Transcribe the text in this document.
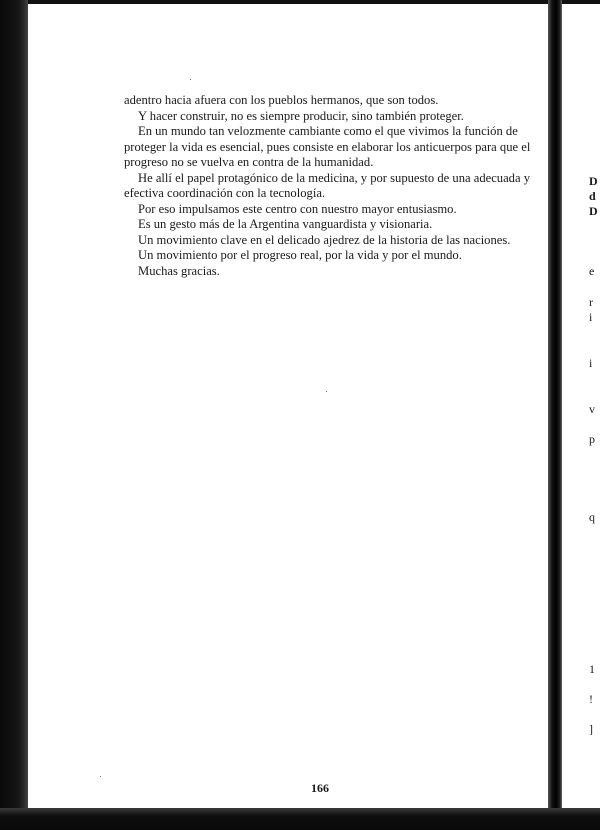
adentro hacia afuera con los pueblos hermanos, que son todos.

Y hacer construir, no es siempre producir, sino también proteger.

En un mundo tan velozmente cambiante como el que vivimos la función de proteger la vida es esencial, pues consiste en elaborar los anticuerpos para que el progreso no se vuelva en contra de la humanidad.

He allí el papel protagónico de la medicina, y por supuesto de una adecuada y efectiva coordinación con la tecnología.

Por eso impulsamos este centro con nuestro mayor entusiasmo.

Es un gesto más de la Argentina vanguardista y visionaria.

Un movimiento clave en el delicado ajedrez de la historia de las naciones.

Un movimiento por el progreso real, por la vida y por el mundo.

Muchas gracias.

166
D
d
D
e
r
i
i
v
p
q
1
!
]
